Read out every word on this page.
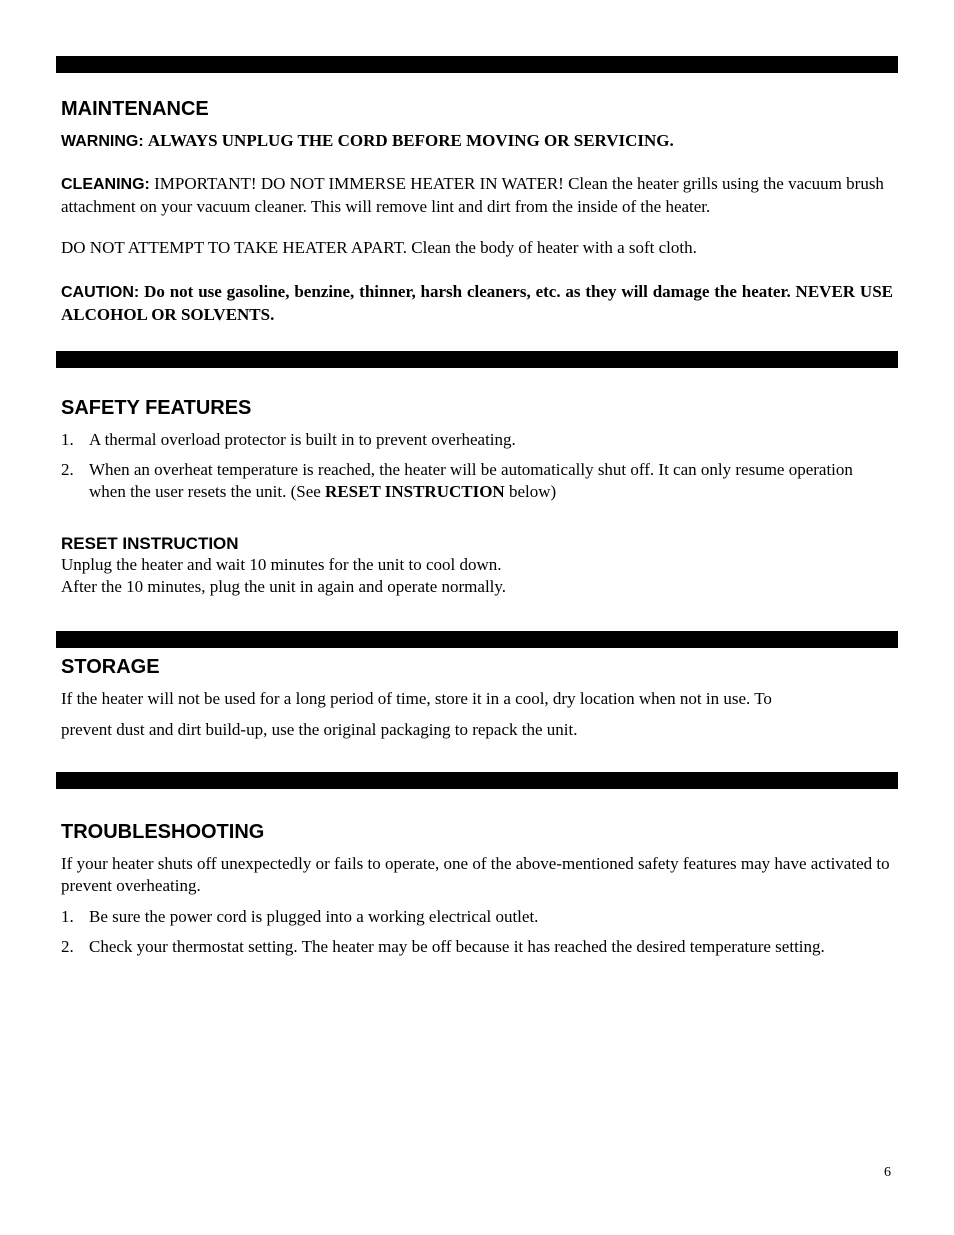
MAINTENANCE

WARNING: ALWAYS UNPLUG THE CORD BEFORE MOVING OR SERVICING.

CLEANING: IMPORTANT! DO NOT IMMERSE HEATER IN WATER! Clean the heater grills using the vacuum brush attachment on your vacuum cleaner. This will remove lint and dirt from the inside of the heater.

DO NOT ATTEMPT TO TAKE HEATER APART. Clean the body of heater with a soft cloth.

CAUTION: Do not use gasoline, benzine, thinner, harsh cleaners, etc. as they will damage the heater. NEVER USE ALCOHOL OR SOLVENTS.

SAFETY FEATURES
1. A thermal overload protector is built in to prevent overheating.
2. When an overheat temperature is reached, the heater will be automatically shut off. It can only resume operation when the user resets the unit. (See RESET INSTRUCTION below)
RESET INSTRUCTION

Unplug the heater and wait 10 minutes for the unit to cool down.

After the 10 minutes, plug the unit in again and operate normally.

STORAGE

If the heater will not be used for a long period of time, store it in a cool, dry location when not in use. To

prevent dust and dirt build-up, use the original packaging to repack the unit.

TROUBLESHOOTING

If your heater shuts off unexpectedly or fails to operate, one of the above-mentioned safety features may have activated to prevent overheating.

1. Be sure the power cord is plugged into a working electrical outlet.
2. Check your thermostat setting. The heater may be off because it has reached the desired temperature setting.
6
